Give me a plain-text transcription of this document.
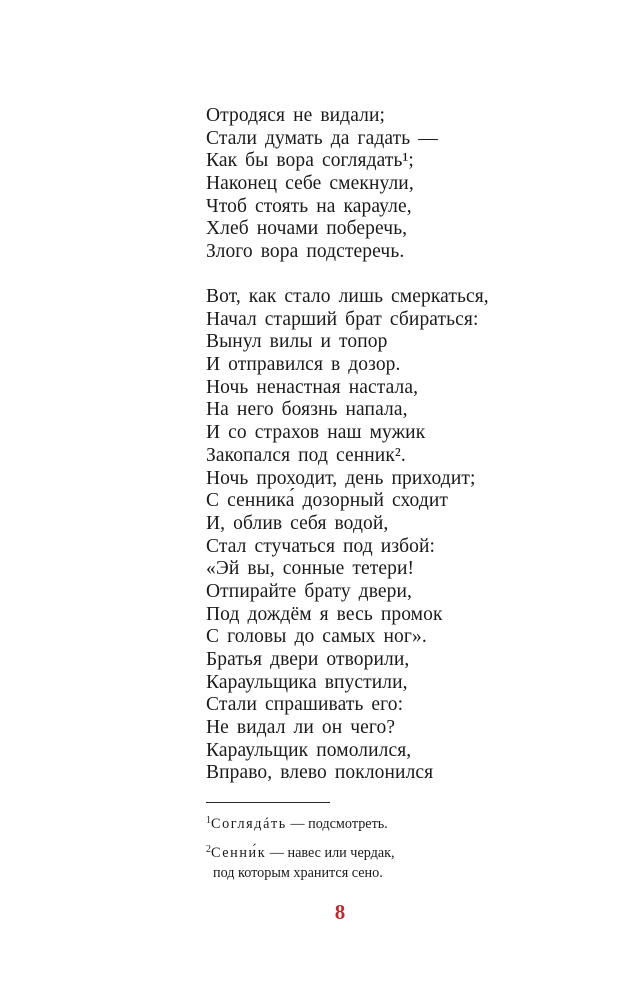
Отродяся не видали;
Стали думать да гадать —
Как бы вора соглядать¹;
Наконец себе смекнули,
Чтоб стоять на карауле,
Хлеб ночами поберечь,
Злого вора подстеречь.
Вот, как стало лишь смеркаться,
Начал старший брат сбираться:
Вынул вилы и топор
И отправился в дозор.
Ночь ненастная настала,
На него боязнь напала,
И со страхов наш мужик
Закопался под сенник².
Ночь проходит, день приходит;
С сенника́ дозорный сходит
И, облив себя водой,
Стал стучаться под избой:
«Эй вы, сонные тетери!
Отпирайте брату двери,
Под дождём я весь промок
С головы до самых ног».
Братья двери отворили,
Караульщика впустили,
Стали спрашивать его:
Не видал ли он чего?
Караульщик помолился,
Вправо, влево поклонился
$^1$Соглядáть — подсмотреть.
$^2$Сенни́к — навес или чердак,
под которым хранится сено.
8
